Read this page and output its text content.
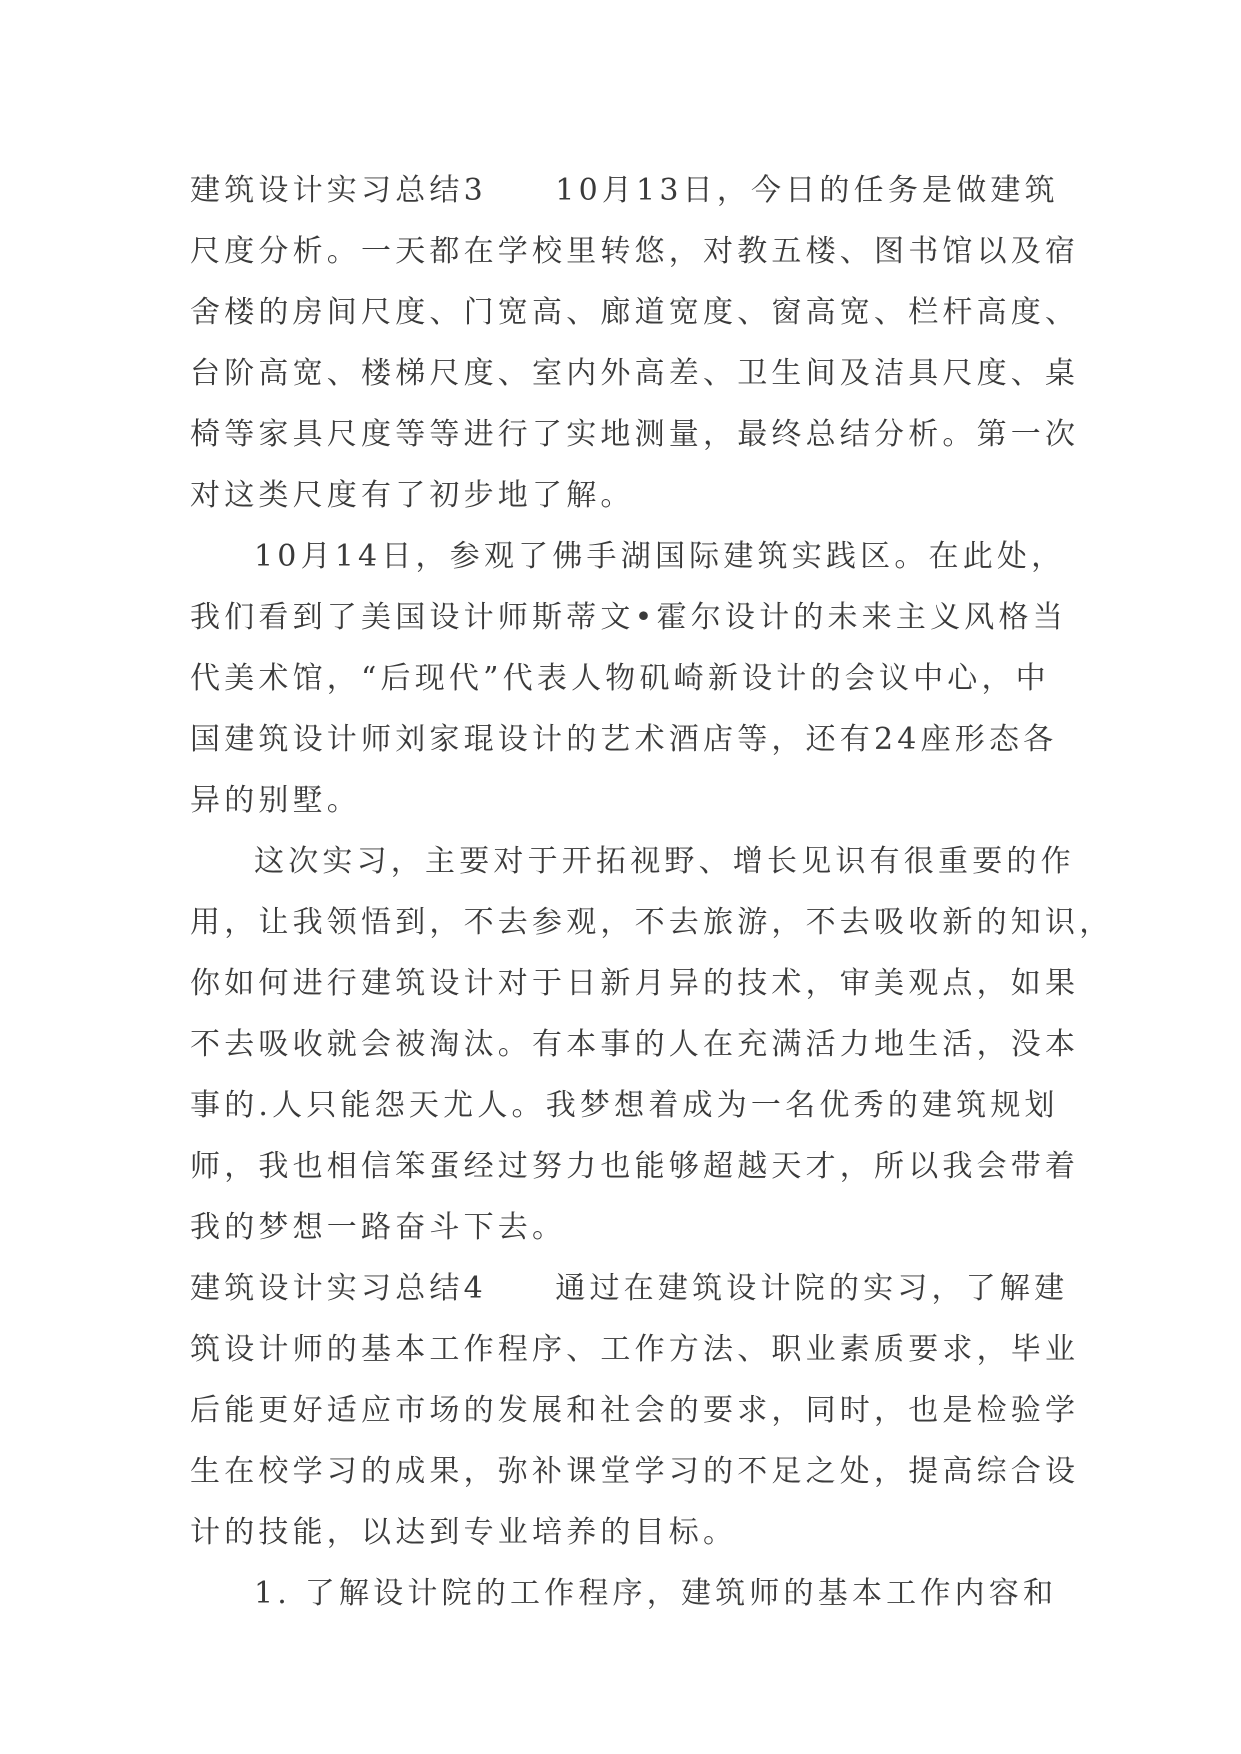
建筑设计实习总结3　　10月13日，今日的任务是做建筑
尺度分析。一天都在学校里转悠，对教五楼、图书馆以及宿
舍楼的房间尺度、门宽高、廊道宽度、窗高宽、栏杆高度、
台阶高宽、楼梯尺度、室内外高差、卫生间及洁具尺度、桌
椅等家具尺度等等进行了实地测量，最终总结分析。第一次
对这类尺度有了初步地了解。
10月14日，参观了佛手湖国际建筑实践区。在此处，
我们看到了美国设计师斯蒂文•霍尔设计的未来主义风格当
代美术馆，“后现代”代表人物矶崎新设计的会议中心，中
国建筑设计师刘家琨设计的艺术酒店等，还有24座形态各
异的别墅。
这次实习，主要对于开拓视野、增长见识有很重要的作
用，让我领悟到，不去参观，不去旅游，不去吸收新的知识，
你如何进行建筑设计对于日新月异的技术，审美观点，如果
不去吸收就会被淘汰。有本事的人在充满活力地生活，没本
事的.人只能怨天尤人。我梦想着成为一名优秀的建筑规划
师，我也相信笨蛋经过努力也能够超越天才，所以我会带着
我的梦想一路奋斗下去。
建筑设计实习总结4　　通过在建筑设计院的实习，了解建
筑设计师的基本工作程序、工作方法、职业素质要求，毕业
后能更好适应市场的发展和社会的要求，同时，也是检验学
生在校学习的成果，弥补课堂学习的不足之处，提高综合设
计的技能，以达到专业培养的目标。
1. 了解设计院的工作程序，建筑师的基本工作内容和
